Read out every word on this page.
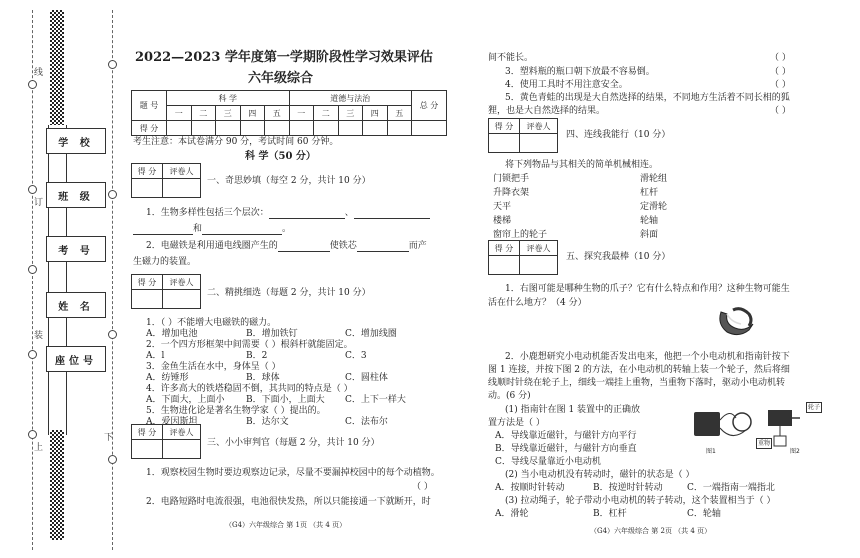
线
订
装
上
下
学 校
班 级
考 号
姓 名
座位号
2022—2023 学年度第一学期阶段性学习效果评估
六年级综合
题 号	科 学					道德与法治					总 分
	一	二	三	四	五	一	二	三	四	五	
得 分											
考生注意：本试卷满分 90 分，考试时间 60 分钟。
科 学（50 分）
得 分	评卷人

一、奇思妙填（每空 2 分，共计 10 分）
1．生物多样性包括三个层次：	、
和	。
2．电磁铁是利用通电线圈产生的	使铁芯	而产
生磁力的装置。
得 分	评卷人

二、精挑细选（每题 2 分，共计 10 分）
1．（ ）不能增大电磁铁的磁力。
A．增加电池	B．增加铁钉	C．增加线圈
2．一个四方形框架中间需要（ ）根斜杆就能固定。
A．l	B．2	C．3
3．金鱼生活在水中，身体呈（ ）
A．纺锤形	B．球体	C．圆柱体
4．许多高大的铁塔稳固不倒，其共同的特点是（ ）
A．下面大，上面小 B．下面小，上面大 C．上下一样大
5．生物进化论是著名生物学家（ ）提出的。
A．爱因斯坦	B．达尔文	C．法布尔
得 分	评卷人

三、小小审判官（每题 2 分，共计 10 分）
1．观察校园生物时要边观察边记录，尽量不要漏掉校园中的每个动植物。
（ ）
2．电路短路时电流很强，电池很快发热，所以只能接通一下就断开，时
（G4）六年级综合 第 1页 （共 4 页）
间不能长。	（ ）
3．塑料瓶的瓶口朝下放最不容易倒。	（ ）
4．使用工具时不用注意安全。	（ ）
5．黄色青蛙的出现是大自然选择的结果，不同地方生活着不同长相的狐
狸，也是大自然选择的结果。	（ ）
得 分	评卷人

四、连线我能行（10 分）
将下列物品与其相关的简单机械相连。
门锁把手
升降衣架
天平
楼梯
窗帘上的轮子
滑轮组
杠杆
定滑轮
轮轴
斜面
得 分	评卷人

五、探究我最棒（10 分）
1．右图可能是哪种生物的爪子？它有什么特点和作用？这种生物可能生
活在什么地方？（4 分）
2．小鹿想研究小电动机能否发出电来，他把一个小电动机和指南针按下
图 1 连接，并按下图 2 的方法，在小电动机的转轴上装一个轮子，然后将细
线顺时针绕在轮子上，细线一端挂上重物，当重物下落时，驱动小电动机转
动。(6 分)
(1) 指南针在图 1 装置中的正确放
置方法是（ ）
A．导线靠近磁针，与磁针方向平行
B．导线靠近磁针，与磁针方向垂直
C．导线尽量靠近小电动机
轮子
重物
图1	图2
(2) 当小电动机没有转动时，磁针的状态是（ ）
A．按顺时针转动	B．按逆时针转动	C．一端指南一端指北
(3) 拉动绳子，轮子带动小电动机的转子转动，这个装置相当于（ ）
A．滑轮	B．杠杆	C．轮轴
（G4）六年级综合 第 2页 （共 4 页）
